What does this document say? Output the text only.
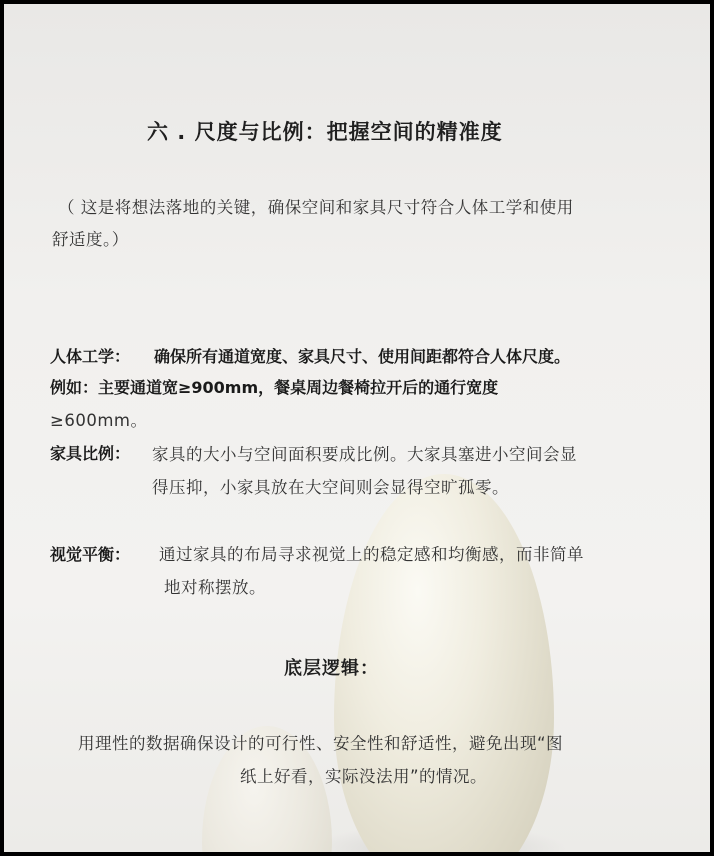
六 . 尺度与比例：把握空间的精准度
（ 这是将想法落地的关键，确保空间和家具尺寸符合人体工学和使用
舒适度。）
人体工学： 确保所有通道宽度、家具尺寸、使用间距都符合人体尺度。
例如：主要通道宽≥900mm，餐桌周边餐椅拉开后的通行宽度
≥600mm。
家具比例： 家具的大小与空间面积要成比例。大家具塞进小空间会显
得压抑，小家具放在大空间则会显得空旷孤零。
视觉平衡： 通过家具的布局寻求视觉上的稳定感和均衡感，而非简单
地对称摆放。
底层逻辑：
用理性的数据确保设计的可行性、安全性和舒适性，避免出现“图
纸上好看，实际没法用”的情况。
